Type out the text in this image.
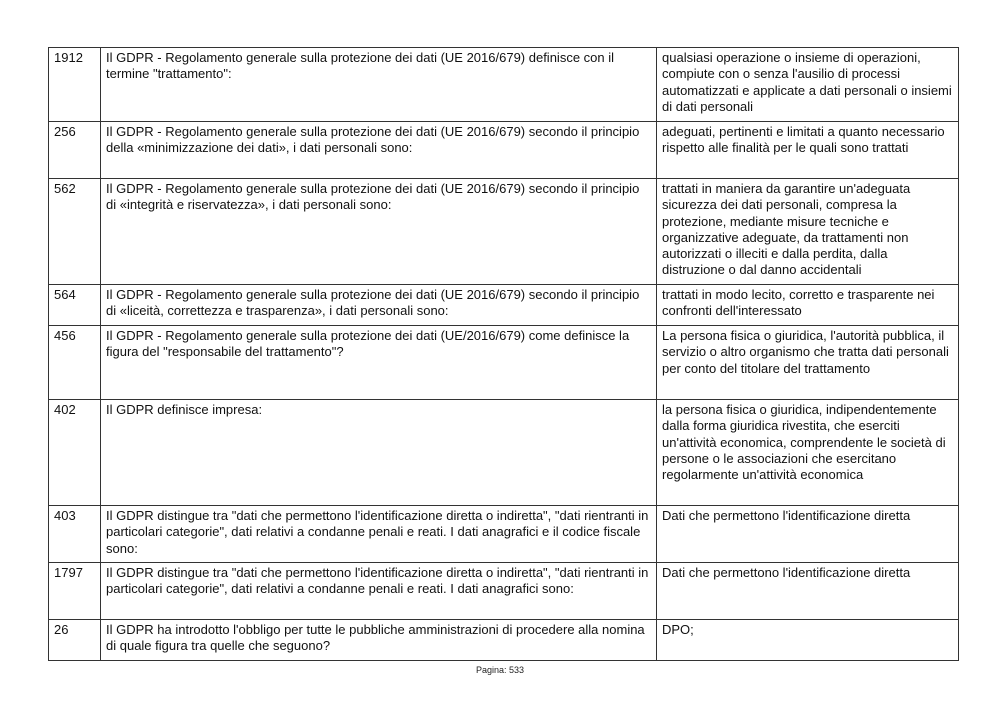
1912	Il GDPR - Regolamento generale sulla protezione dei dati (UE 2016/679) definisce con il termine "trattamento":	qualsiasi operazione o insieme di operazioni, compiute con o senza l'ausilio di processi automatizzati e applicate a dati personali o insiemi di dati personali
256	Il GDPR - Regolamento generale sulla protezione dei dati (UE 2016/679) secondo il principio della «minimizzazione dei dati», i dati personali sono:	adeguati, pertinenti e limitati a quanto necessario rispetto alle finalità per le quali sono trattati
562	Il GDPR - Regolamento generale sulla protezione dei dati (UE 2016/679) secondo il principio di «integrità e riservatezza», i dati personali sono:	trattati in maniera da garantire un'adeguata sicurezza dei dati personali, compresa la protezione, mediante misure tecniche e organizzative adeguate, da trattamenti non autorizzati o illeciti e dalla perdita, dalla distruzione o dal danno accidentali
564	Il GDPR - Regolamento generale sulla protezione dei dati (UE 2016/679) secondo il principio di «liceità, correttezza e trasparenza», i dati personali sono:	trattati in modo lecito, corretto e trasparente nei confronti dell'interessato
456	Il GDPR - Regolamento generale sulla protezione dei dati (UE/2016/679) come definisce la figura del "responsabile del trattamento"?	La persona fisica o giuridica, l'autorità pubblica, il servizio o altro organismo che tratta dati personali per conto del titolare del trattamento
402	Il GDPR definisce impresa:	la persona fisica o giuridica, indipendentemente dalla forma giuridica rivestita, che eserciti un'attività economica, comprendente le società di persone o le associazioni che esercitano regolarmente un'attività economica
403	Il GDPR distingue tra "dati che permettono l'identificazione diretta o indiretta", "dati rientranti in particolari categorie", dati relativi a condanne penali e reati. I dati anagrafici e il codice fiscale sono:	Dati che permettono l'identificazione diretta
1797	Il GDPR distingue tra "dati che permettono l'identificazione diretta o indiretta", "dati rientranti in particolari categorie", dati relativi a condanne penali e reati. I dati anagrafici sono:	Dati che permettono l'identificazione diretta
26	Il GDPR ha introdotto l'obbligo per tutte le pubbliche amministrazioni di procedere alla nomina di quale figura tra quelle che seguono?	DPO;
Pagina: 533
